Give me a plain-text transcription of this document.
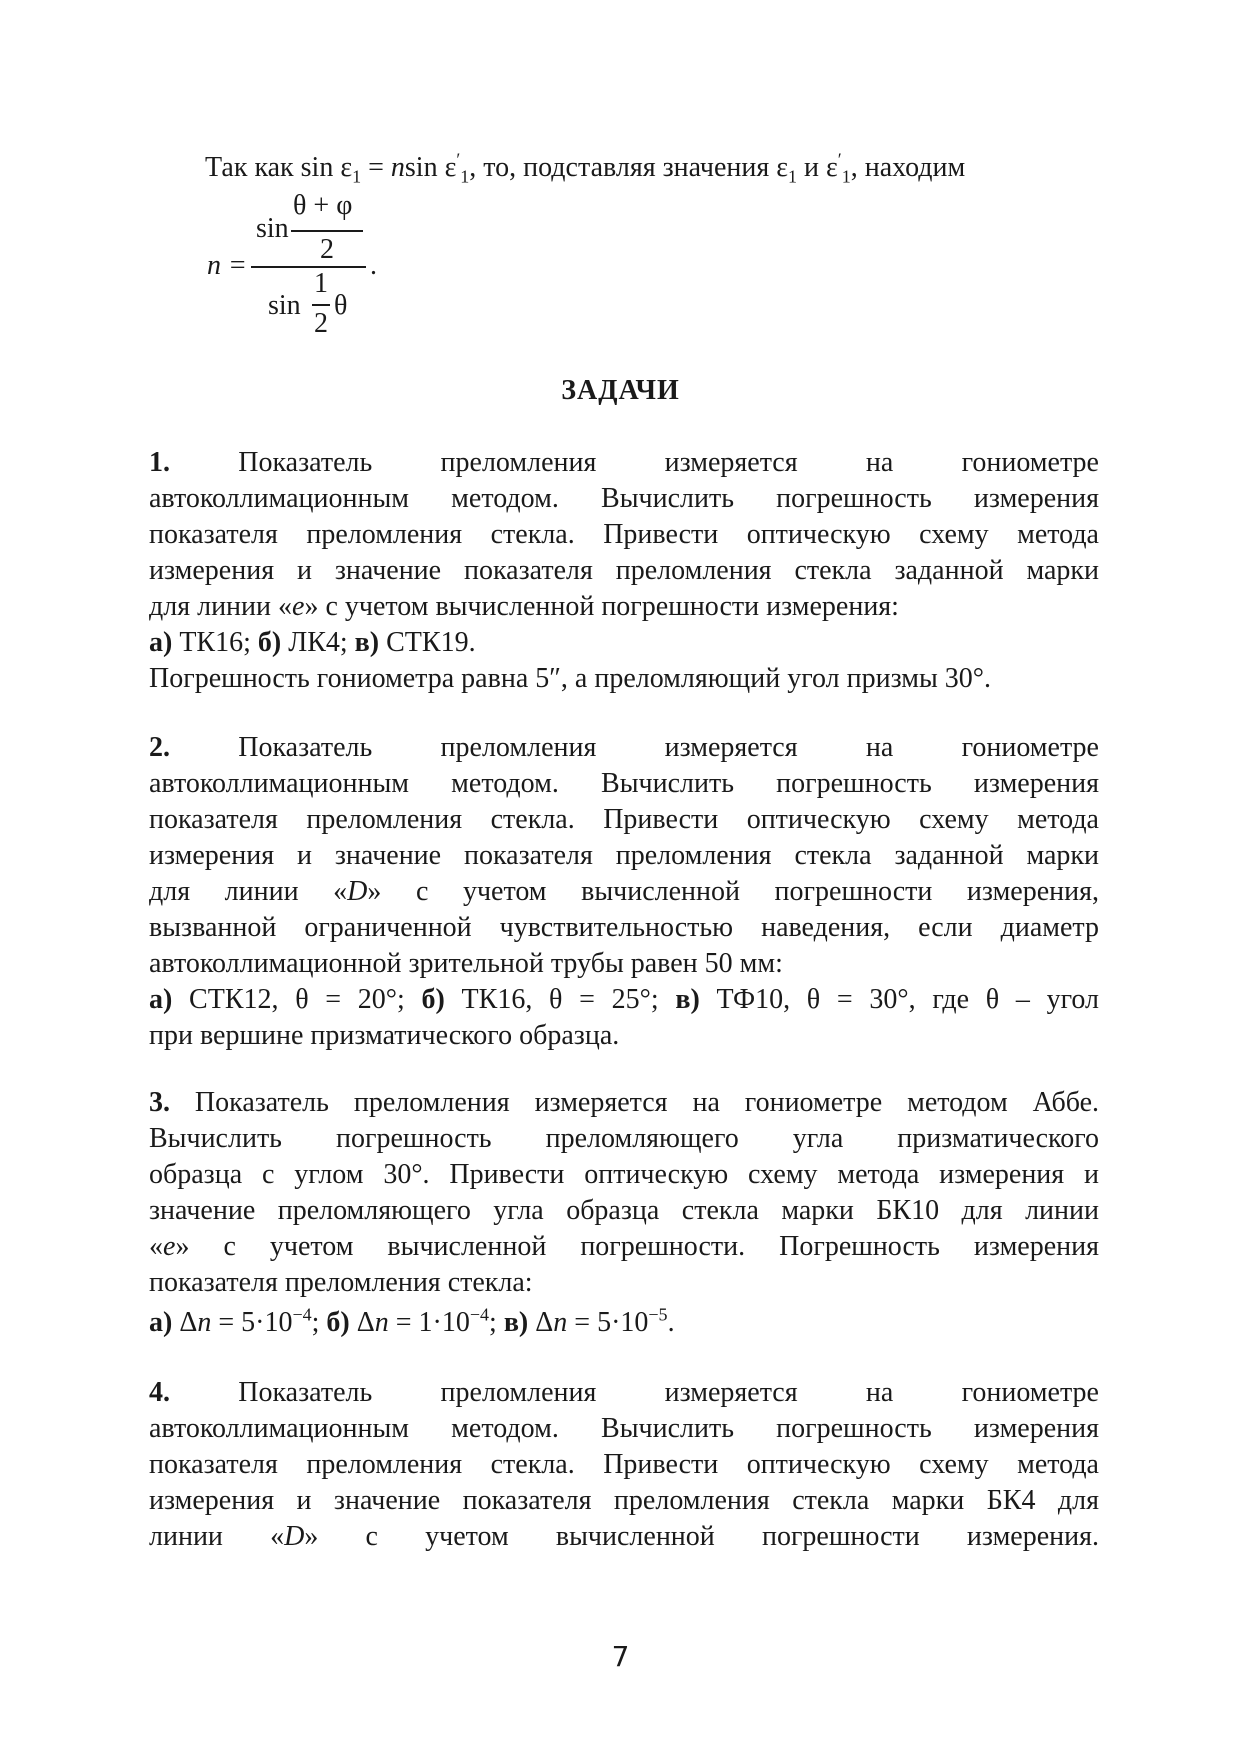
Так как $\sin \varepsilon_1 = nsin$ $\varepsilon'_1$, то, подставляя значения $\varepsilon_1$ и $\varepsilon'_1$, находим
n =
sin
θ + φ
2
sin
1
2
θ
.
ЗАДАЧИ
1. Показатель преломления измеряется на гониометре
автоколлимационным методом. Вычислить погрешность измерения
показателя преломления стекла. Привести оптическую схему метода
измерения и значение показателя преломления стекла заданной марки
для линии «e» с учетом вычисленной погрешности измерения:
а) ТК16; б) ЛК4; в) СТК19.
Погрешность гониометра равна 5″, а преломляющий угол призмы 30°.
2. Показатель преломления измеряется на гониометре
автоколлимационным методом. Вычислить погрешность измерения
показателя преломления стекла. Привести оптическую схему метода
измерения и значение показателя преломления стекла заданной марки
для линии «D» с учетом вычисленной погрешности измерения,
вызванной ограниченной чувствительностью наведения, если диаметр
автоколлимационной зрительной трубы равен 50 мм:
а) СТК12, θ = 20°; б) ТК16, θ = 25°; в) ТФ10, θ = 30°, где θ – угол
при вершине призматического образца.
3. Показатель преломления измеряется на гониометре методом Аббе.
Вычислить погрешность преломляющего угла призматического
образца с углом 30°. Привести оптическую схему метода измерения и
значение преломляющего угла образца стекла марки БК10 для линии
«e» с учетом вычисленной погрешности. Погрешность измерения
показателя преломления стекла:
а) $\Delta n = 5\cdot 10^{-4}$; б) $\Delta n = 1\cdot 10^{-4}$; в) $\Delta n = 5\cdot 10^{-5}$.
4. Показатель преломления измеряется на гониометре
автоколлимационным методом. Вычислить погрешность измерения
показателя преломления стекла. Привести оптическую схему метода
измерения и значение показателя преломления стекла марки БК4 для
линии «D» с учетом вычисленной погрешности измерения.
7
